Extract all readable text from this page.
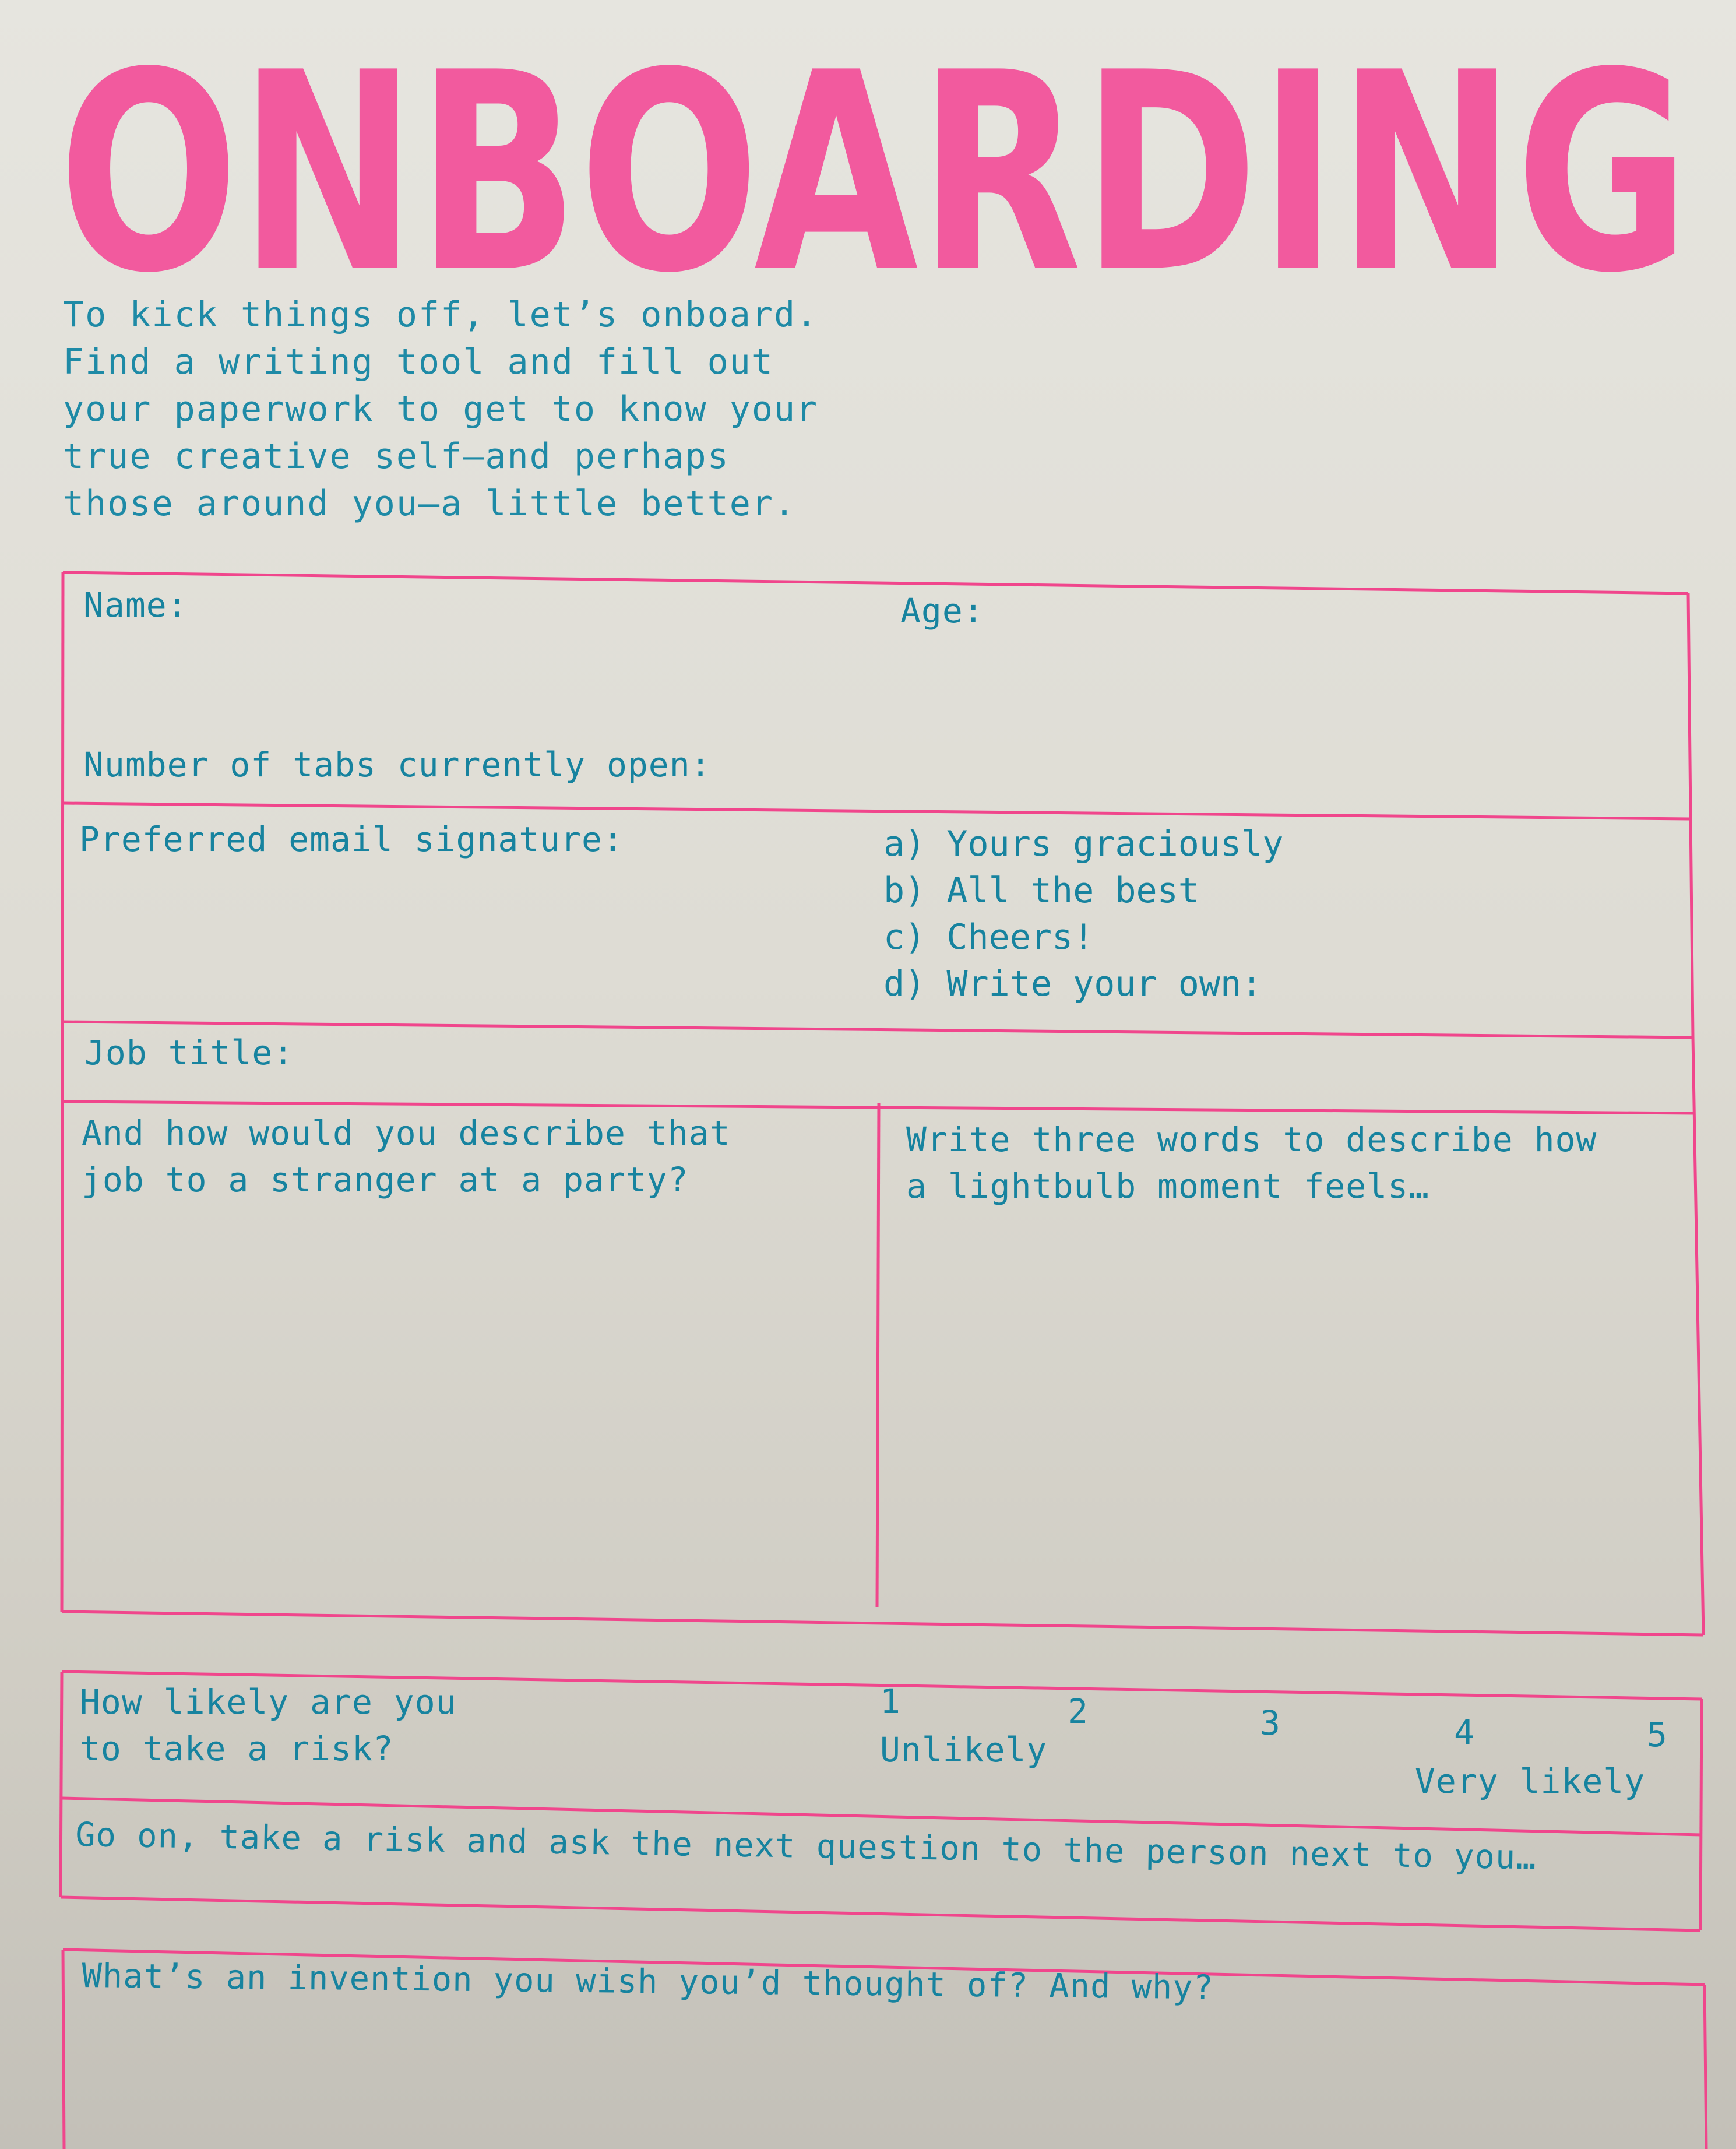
ONBOARDING
To kick things off, let’s onboard.
Find a writing tool and fill out
your paperwork to get to know your
true creative self–and perhaps
those around you–a little better.
Name:	Age:
Number of tabs currently open:
Preferred email signature:	a) Yours graciously
b) All the best
c) Cheers!
d) Write your own:
Job title:
And how would you describe that
job to a stranger at a party?
Write three words to describe how
a lightbulb moment feels…
How likely are you
to take a risk?
1	2	3	4	5
Unlikely
Very likely
Go on, take a risk and ask the next question to the person next to you…
What’s an invention you wish you’d thought of? And why?
